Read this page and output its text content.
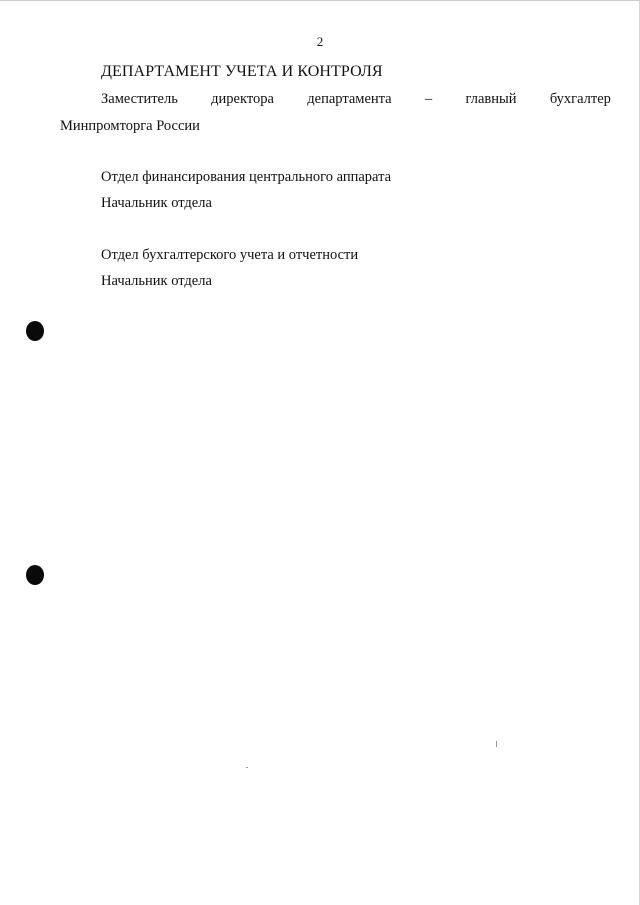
2
ДЕПАРТАМЕНТ УЧЕТА И КОНТРОЛЯ
Заместитель директора департамента – главный бухгалтер
Минпромторга России
Отдел финансирования центрального аппарата
Начальник отдела
Отдел бухгалтерского учета и отчетности
Начальник отдела
